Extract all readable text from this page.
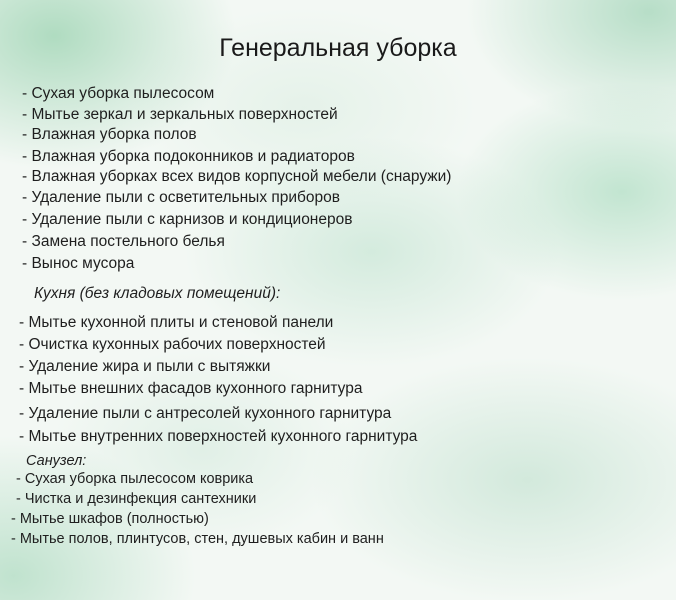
Генеральная уборка
- Сухая уборка пылесосом
- Мытье зеркал и зеркальных поверхностей
- Влажная уборка полов
- Влажная уборка подоконников и радиаторов
- Влажная уборках всех видов корпусной мебели (снаружи)
- Удаление пыли с осветительных приборов
- Удаление пыли с карнизов и кондиционеров
- Замена постельного белья
- Вынос мусора
Кухня (без кладовых помещений):
- Мытье кухонной плиты и стеновой панели
- Очистка кухонных рабочих поверхностей
- Удаление жира и пыли с вытяжки
- Мытье внешних фасадов кухонного гарнитура
- Удаление пыли с антресолей кухонного гарнитура
- Мытье внутренних поверхностей кухонного гарнитура
Санузел:
- Сухая уборка пылесосом коврика
- Чистка и дезинфекция сантехники
- Мытье шкафов (полностью)
- Мытье полов, плинтусов, стен, душевых кабин и ванн
